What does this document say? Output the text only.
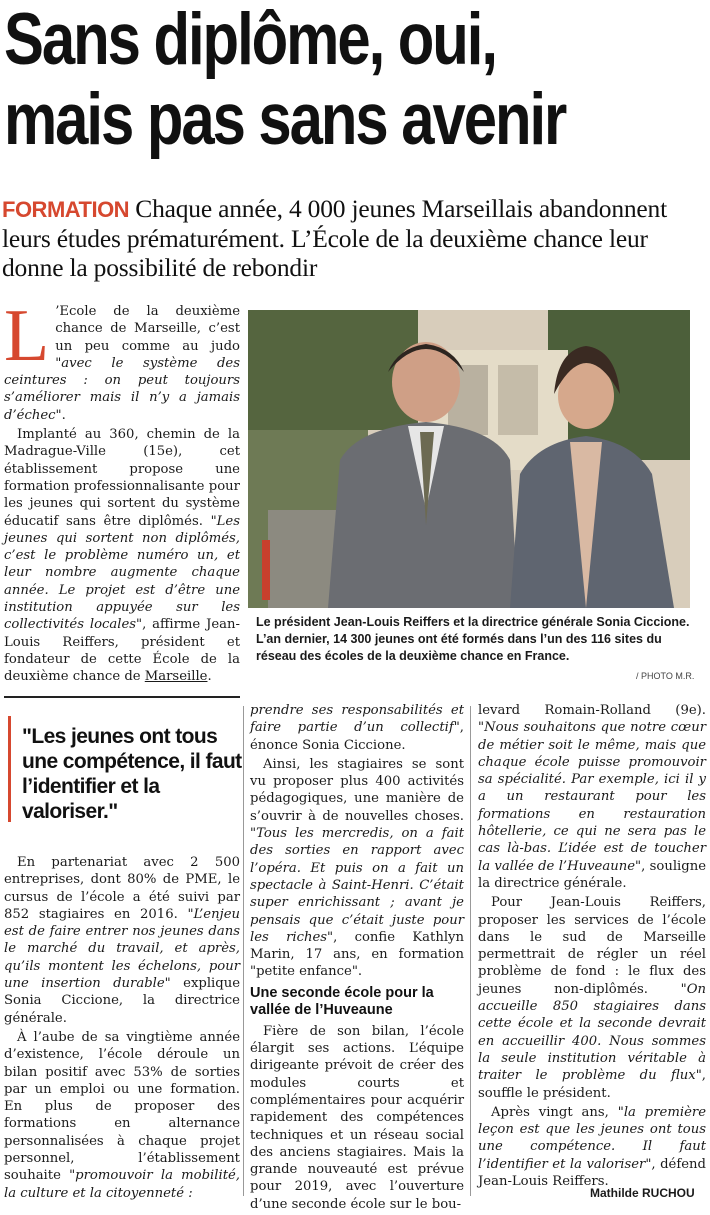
Sans diplôme, oui,
mais pas sans avenir
FORMATION Chaque année, 4 000 jeunes Marseillais abandonnent leurs études prématurément. L’École de la deuxième chance leur donne la possibilité de rebondir

L ’Ecole de la deuxième chance de Marseille, c’est un peu comme au judo "avec le système des ceintures : on peut toujours s’améliorer mais il n’y a jamais d’échec".

Implanté au 360, chemin de la Madrague-Ville (15e), cet établissement propose une formation professionnalisante pour les jeunes qui sortent du système éducatif sans être diplômés. "Les jeunes qui sortent non diplômés, c’est le problème numéro un, et leur nombre augmente chaque année. Le projet est d’être une institution appuyée sur les collectivités locales", affirme Jean-Louis Reiffers, président et fondateur de cette École de la deuxième chance de Marseille.

"Les jeunes ont tous une compétence, il faut l’identifier et la valoriser."

En partenariat avec 2 500 entreprises, dont 80% de PME, le cursus de l’école a été suivi par 852 stagiaires en 2016. "L’enjeu est de faire entrer nos jeunes dans le marché du travail, et après, qu’ils montent les échelons, pour une insertion durable" explique Sonia Ciccione, la directrice générale.

À l’aube de sa vingtième année d’existence, l’école déroule un bilan positif avec 53% de sorties par un emploi ou une formation. En plus de proposer des formations en alternance personnalisées à chaque projet personnel, l’établissement souhaite "promouvoir la mobilité, la culture et la citoyenneté :

Le président Jean-Louis Reiffers et la directrice générale Sonia Ciccione. L’an dernier, 14 300 jeunes ont été formés dans l’un des 116 sites du réseau des écoles de la deuxième chance en France.
/ PHOTO M.R.

prendre ses responsabilités et faire partie d’un collectif", énonce Sonia Ciccione.

Ainsi, les stagiaires se sont vu proposer plus 400 activités pédagogiques, une manière de s’ouvrir à de nouvelles choses. "Tous les mercredis, on a fait des sorties en rapport avec l’opéra. Et puis on a fait un spectacle à Saint-Henri. C’était super enrichissant ; avant je pensais que c’était juste pour les riches", confie Kathlyn Marin, 17 ans, en formation "petite enfance".

Une seconde école pour la vallée de l’Huveaune

Fière de son bilan, l’école élargit ses actions. L’équipe dirigeante prévoit de créer des modules courts et complémentaires pour acquérir rapidement des compétences techniques et un réseau social des anciens stagiaires. Mais la grande nouveauté est prévue pour 2019, avec l’ouverture d’une seconde école sur le bou-

levard Romain-Rolland (9e). "Nous souhaitons que notre cœur de métier soit le même, mais que chaque école puisse promouvoir sa spécialité. Par exemple, ici il y a un restaurant pour les formations en restauration hôtellerie, ce qui ne sera pas le cas là-bas. L’idée est de toucher la vallée de l’Huveaune", souligne la directrice générale.

Pour Jean-Louis Reiffers, proposer les services de l’école dans le sud de Marseille permettrait de régler un réel problème de fond : le flux des jeunes non-diplômés. "On accueille 850 stagiaires dans cette école et la seconde devrait en accueillir 400. Nous sommes la seule institution véritable à traiter le problème du flux", souffle le président.

Après vingt ans, "la première leçon est que les jeunes ont tous une compétence. Il faut l’identifier et la valoriser", défend Jean-Louis Reiffers.

Mathilde RUCHOU
